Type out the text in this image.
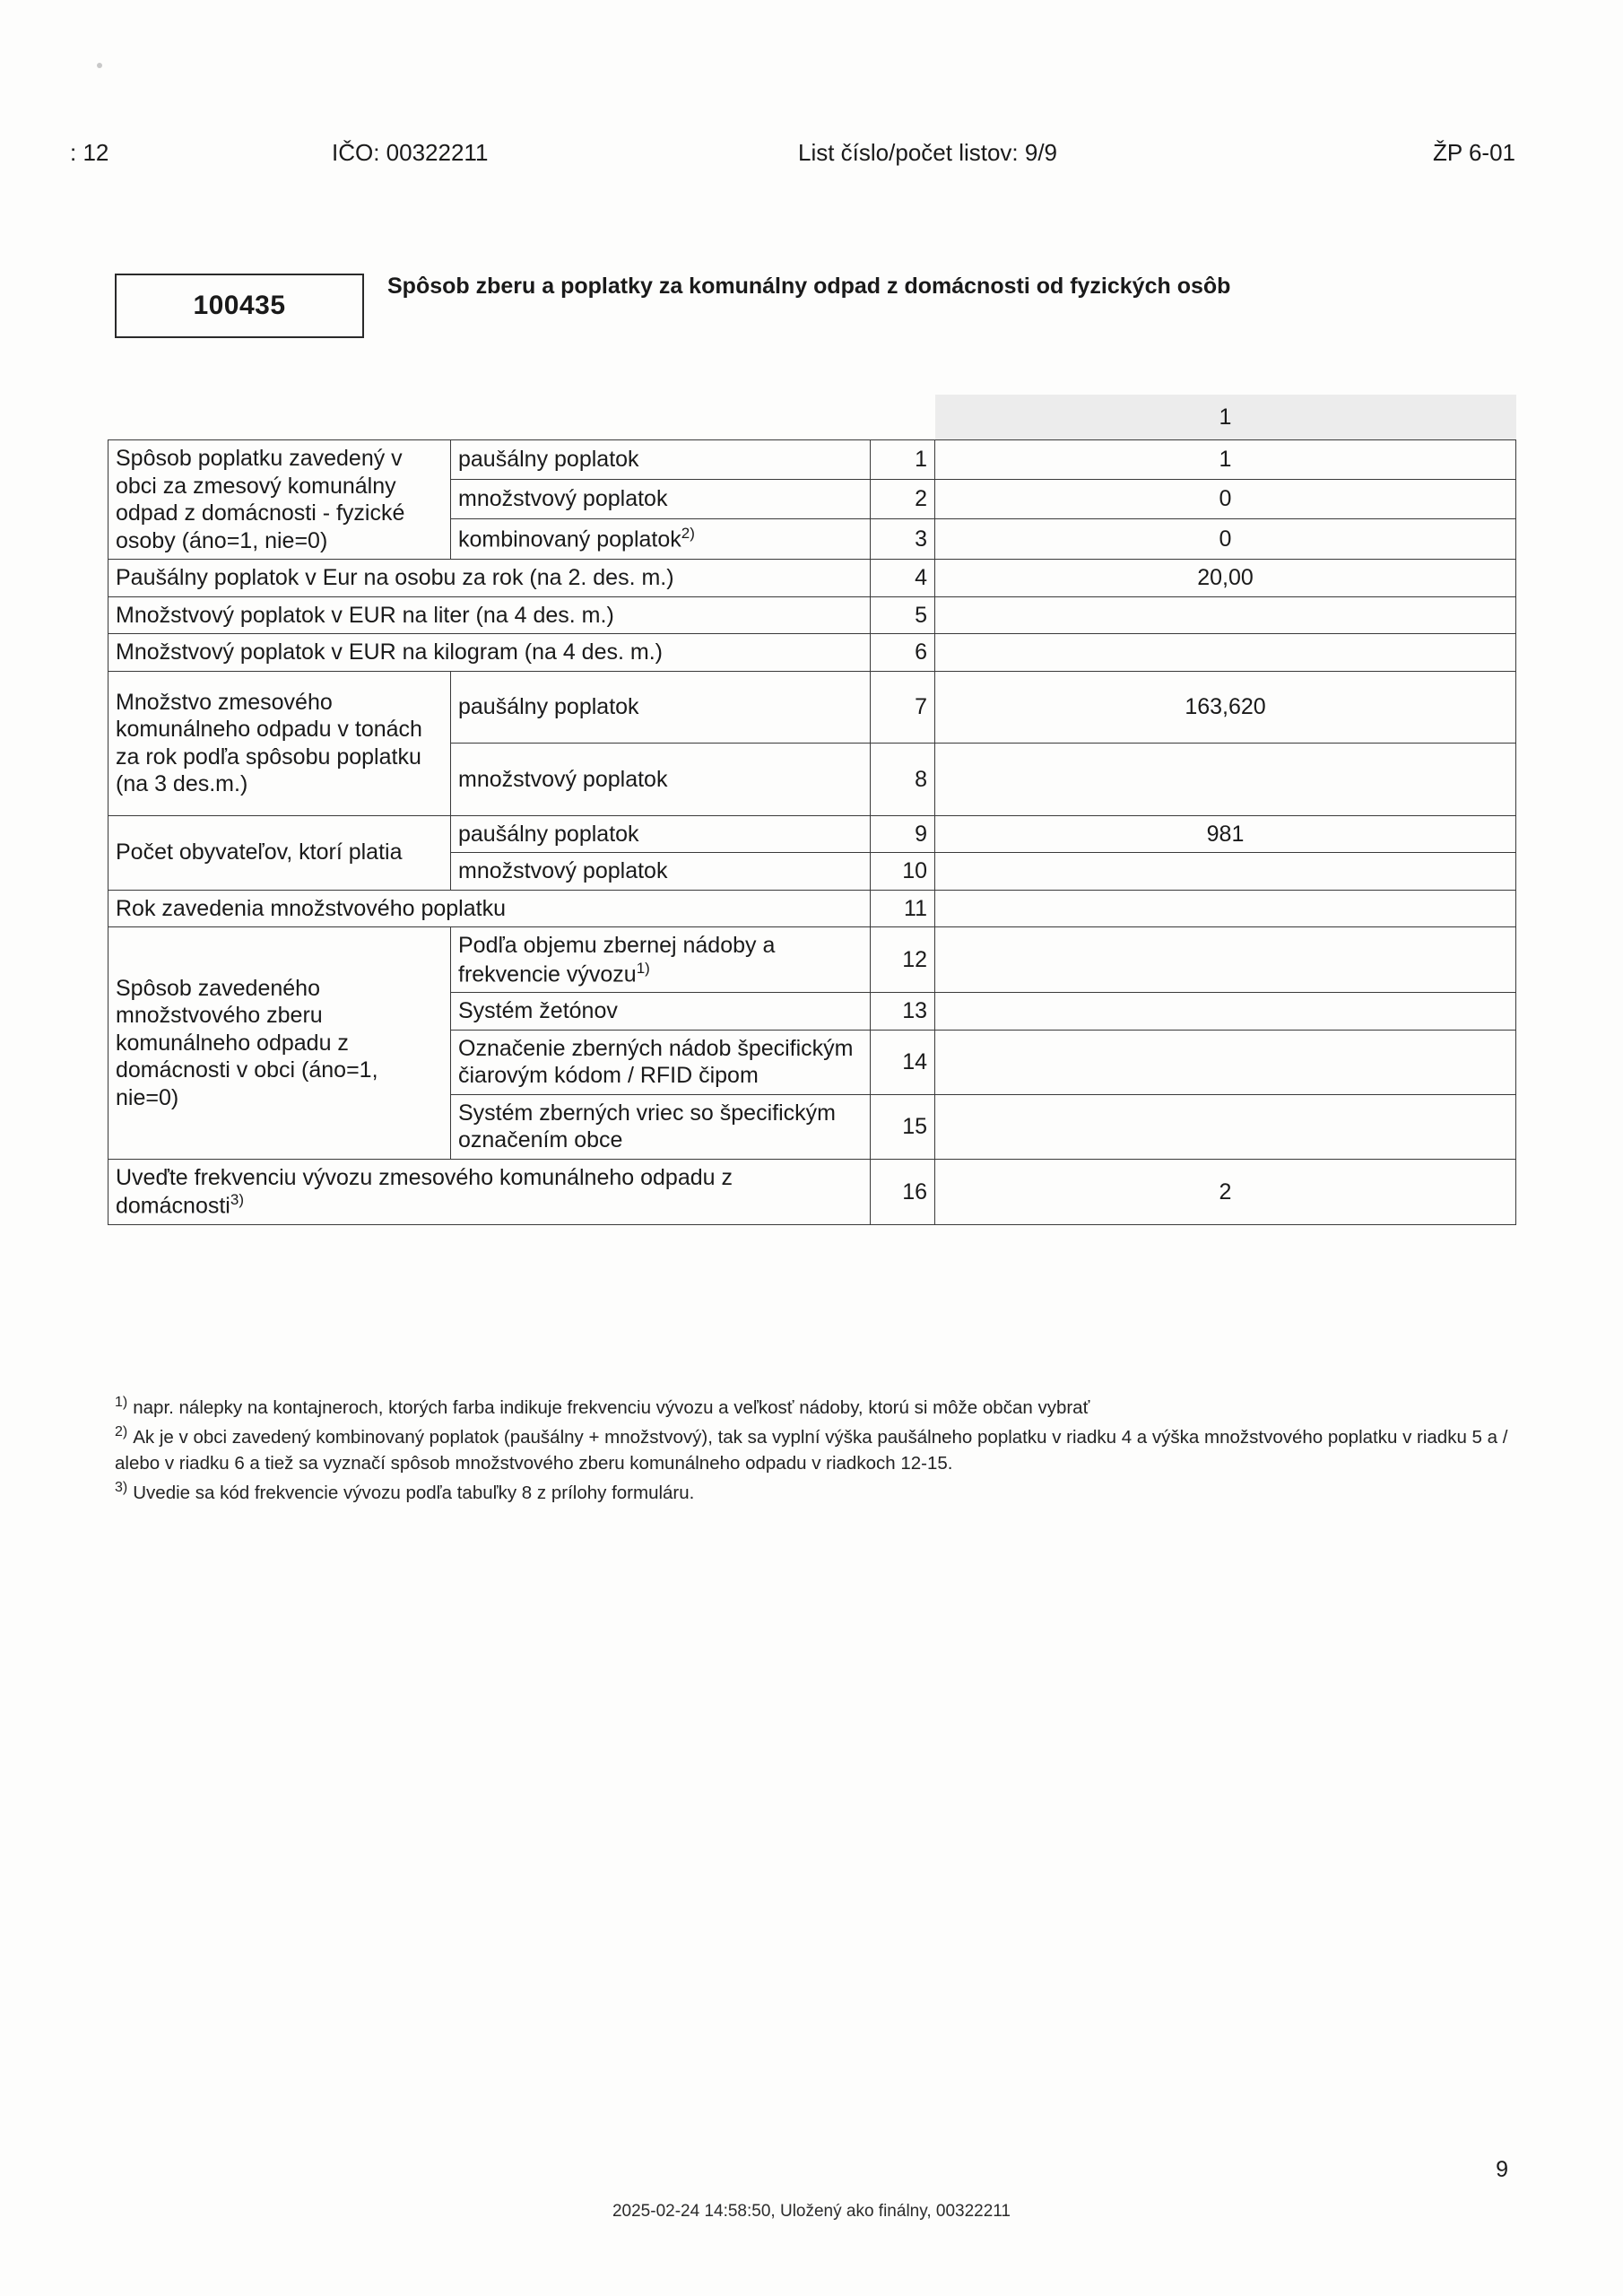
: 12	IČO: 00322211	List číslo/počet listov: 9/9	ŽP 6-01
100435
Spôsob zberu a poplatky za komunálny odpad z domácnosti od fyzických osôb
			1
Spôsob poplatku zavedený v obci za zmesový komunálny odpad z domácnosti - fyzické osoby (áno=1, nie=0)	paušálny poplatok	1	1
	množstvový poplatok	2	0
	kombinovaný poplatok$^{2)}$	3	0
Paušálny poplatok v Eur na osobu za rok (na 2. des. m.)		4	20,00
Množstvový poplatok v EUR na liter (na 4 des. m.)		5	
Množstvový poplatok v EUR na kilogram (na 4 des. m.)		6	
Množstvo zmesového komunálneho odpadu v tonách za rok podľa spôsobu poplatku (na 3 des.m.)	paušálny poplatok	7	163,620
	množstvový poplatok	8	
Počet obyvateľov, ktorí platia	paušálny poplatok	9	981
	množstvový poplatok	10	
Rok zavedenia množstvového poplatku		11	
Spôsob zavedeného množstvového zberu komunálneho odpadu z domácnosti v obci (áno=1, nie=0)	Podľa objemu zbernej nádoby a frekvencie vývozu$^{1)}$	12	
	Systém žetónov	13	
	Označenie zberných nádob špecifickým čiarovým kódom / RFID čipom	14	
	Systém zberných vriec so špecifickým označením obce	15	
Uveďte frekvenciu vývozu zmesového komunálneho odpadu z domácnosti$^{3)}$		16	2
$^{1)}$ napr. nálepky na kontajneroch, ktorých farba indikuje frekvenciu vývozu a veľkosť nádoby, ktorú si môže občan vybrať
$^{2)}$ Ak je v obci zavedený kombinovaný poplatok (paušálny + množstvový), tak sa vyplní výška paušálneho poplatku v riadku 4 a výška množstvového poplatku v riadku 5 a / alebo v riadku 6 a tiež sa vyznačí spôsob množstvového zberu komunálneho odpadu v riadkoch 12-15.
$^{3)}$ Uvedie sa kód frekvencie vývozu podľa tabuľky 8 z prílohy formuláru.
9
2025-02-24 14:58:50, Uložený ako finálny, 00322211
